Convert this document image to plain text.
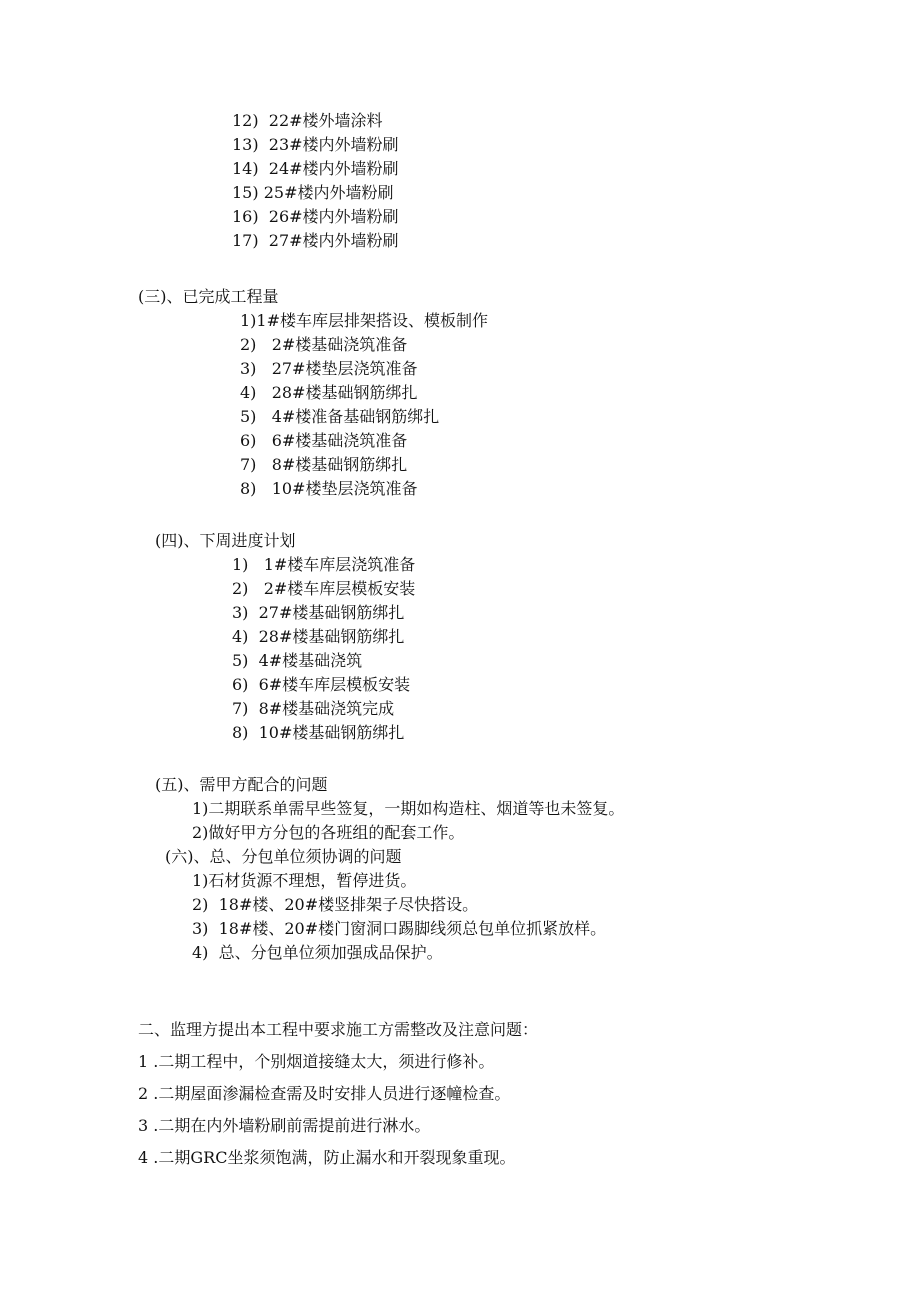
12) 22#楼外墙涂料
13) 23#楼内外墙粉刷
14) 24#楼内外墙粉刷
15) 25#楼内外墙粉刷
16) 26#楼内外墙粉刷
17) 27#楼内外墙粉刷
(三)、已完成工程量
1)1#楼车库层排架搭设、模板制作
2) 2#楼基础浇筑准备
3) 27#楼垫层浇筑准备
4) 28#楼基础钢筋绑扎
5) 4#楼准备基础钢筋绑扎
6) 6#楼基础浇筑准备
7) 8#楼基础钢筋绑扎
8) 10#楼垫层浇筑准备
(四)、下周进度计划
1) 1#楼车库层浇筑准备
2) 2#楼车库层模板安装
3) 27#楼基础钢筋绑扎
4) 28#楼基础钢筋绑扎
5) 4#楼基础浇筑
6) 6#楼车库层模板安装
7) 8#楼基础浇筑完成
8) 10#楼基础钢筋绑扎
(五)、需甲方配合的问题
1)二期联系单需早些签复，一期如构造柱、烟道等也未签复。
2)做好甲方分包的各班组的配套工作。
(六)、总、分包单位须协调的问题
1)石材货源不理想，暂停进货。
2) 18#楼、20#楼竖排架子尽快搭设。
3) 18#楼、20#楼门窗洞口踢脚线须总包单位抓紧放样。
4) 总、分包单位须加强成品保护。
二、监理方提出本工程中要求施工方需整改及注意问题：
1 .二期工程中，个别烟道接缝太大，须进行修补。
2 .二期屋面渗漏检查需及时安排人员进行逐幢检查。
3 .二期在内外墙粉刷前需提前进行淋水。
4 .二期GRC坐浆须饱满，防止漏水和开裂现象重现。
